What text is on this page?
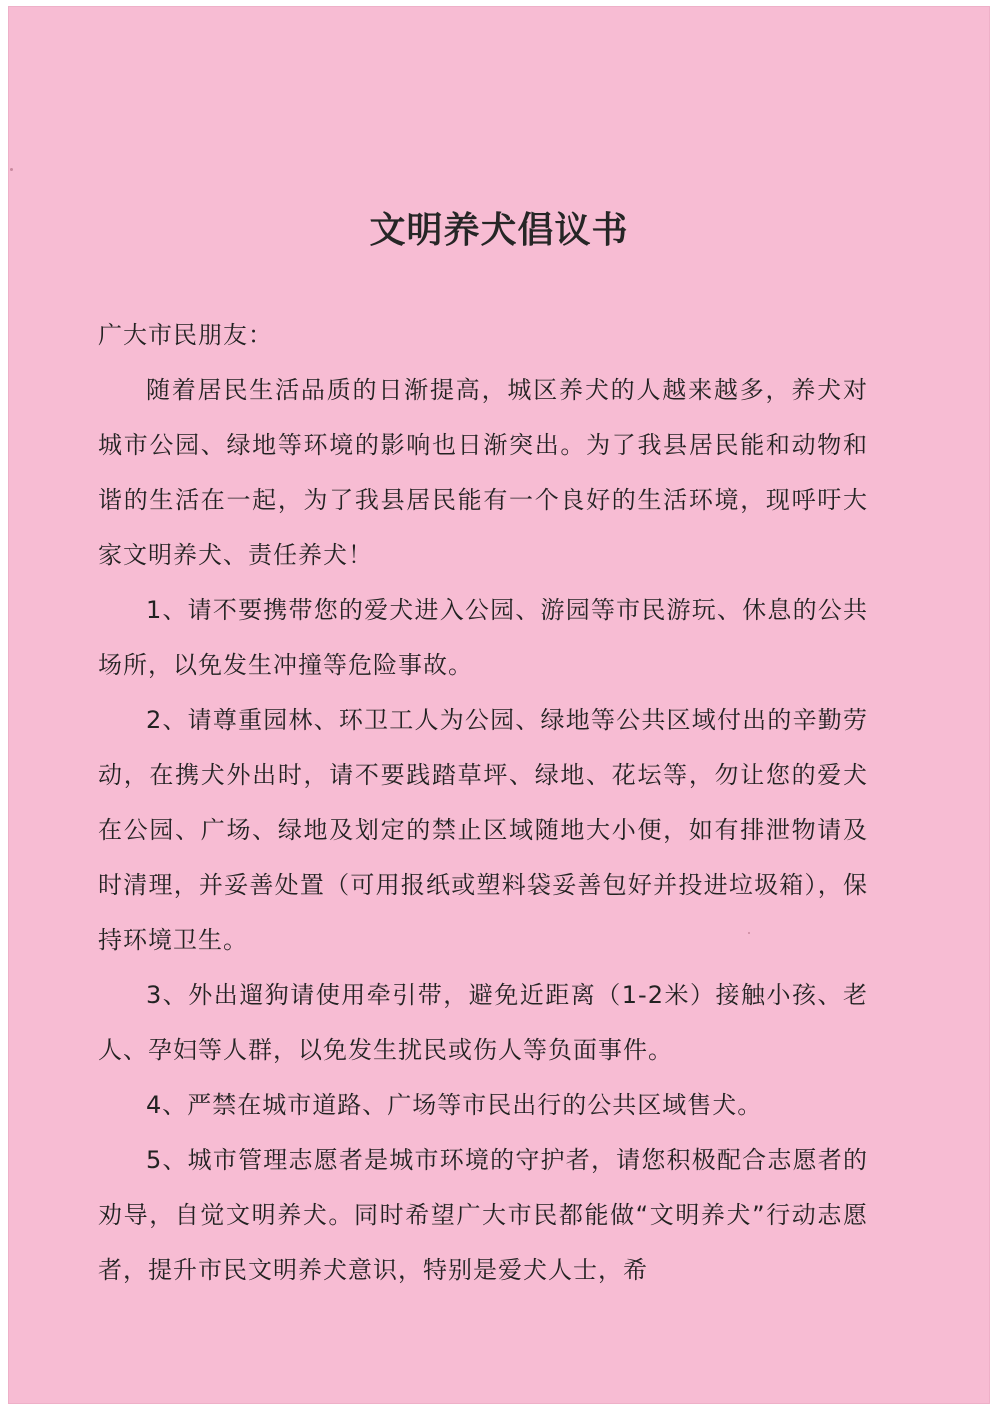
文明养犬倡议书

广大市民朋友：

随着居民生活品质的日渐提高，城区养犬的人越来越多，养犬对城市公园、绿地等环境的影响也日渐突出。为了我县居民能和动物和谐的生活在一起，为了我县居民能有一个良好的生活环境，现呼吁大家文明养犬、责任养犬！

1、请不要携带您的爱犬进入公园、游园等市民游玩、休息的公共场所，以免发生冲撞等危险事故。

2、请尊重园林、环卫工人为公园、绿地等公共区域付出的辛勤劳动，在携犬外出时，请不要践踏草坪、绿地、花坛等，勿让您的爱犬在公园、广场、绿地及划定的禁止区域随地大小便，如有排泄物请及时清理，并妥善处置（可用报纸或塑料袋妥善包好并投进垃圾箱），保持环境卫生。

3、外出遛狗请使用牵引带，避免近距离（1-2米）接触小孩、老人、孕妇等人群，以免发生扰民或伤人等负面事件。

4、严禁在城市道路、广场等市民出行的公共区域售犬。

5、城市管理志愿者是城市环境的守护者，请您积极配合志愿者的劝导，自觉文明养犬。同时希望广大市民都能做“文明养犬”行动志愿者，提升市民文明养犬意识，特别是爱犬人士，希
